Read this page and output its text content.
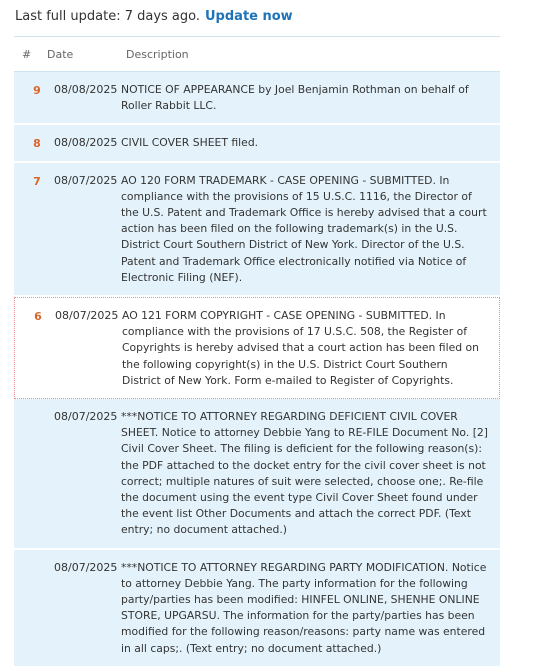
Last full update: 7 days ago. Update now
# Date	Description
9 08/08/2025 NOTICE OF APPEARANCE by Joel Benjamin Rothman on behalf of Roller Rabbit LLC.
8 08/08/2025 CIVIL COVER SHEET filed.
7 08/07/2025 AO 120 FORM TRADEMARK - CASE OPENING - SUBMITTED. In compliance with the provisions of 15 U.S.C. 1116, the Director of the U.S. Patent and Trademark Office is hereby advised that a court action has been filed on the following trademark(s) in the U.S. District Court Southern District of New York. Director of the U.S. Patent and Trademark Office electronically notified via Notice of Electronic Filing (NEF).
6 08/07/2025 AO 121 FORM COPYRIGHT - CASE OPENING - SUBMITTED. In compliance with the provisions of 17 U.S.C. 508, the Register of Copyrights is hereby advised that a court action has been filed on the following copyright(s) in the U.S. District Court Southern District of New York. Form e-mailed to Register of Copyrights.
08/07/2025 ***NOTICE TO ATTORNEY REGARDING DEFICIENT CIVIL COVER SHEET. Notice to attorney Debbie Yang to RE-FILE Document No. [2] Civil Cover Sheet. The filing is deficient for the following reason(s): the PDF attached to the docket entry for the civil cover sheet is not correct; multiple natures of suit were selected, choose one;. Re-file the document using the event type Civil Cover Sheet found under the event list Other Documents and attach the correct PDF. (Text entry; no document attached.)
08/07/2025 ***NOTICE TO ATTORNEY REGARDING PARTY MODIFICATION. Notice to attorney Debbie Yang. The party information for the following party/parties has been modified: HINFEL ONLINE, SHENHE ONLINE STORE, UPGARSU. The information for the party/parties has been modified for the following reason/reasons: party name was entered in all caps;. (Text entry; no document attached.)
